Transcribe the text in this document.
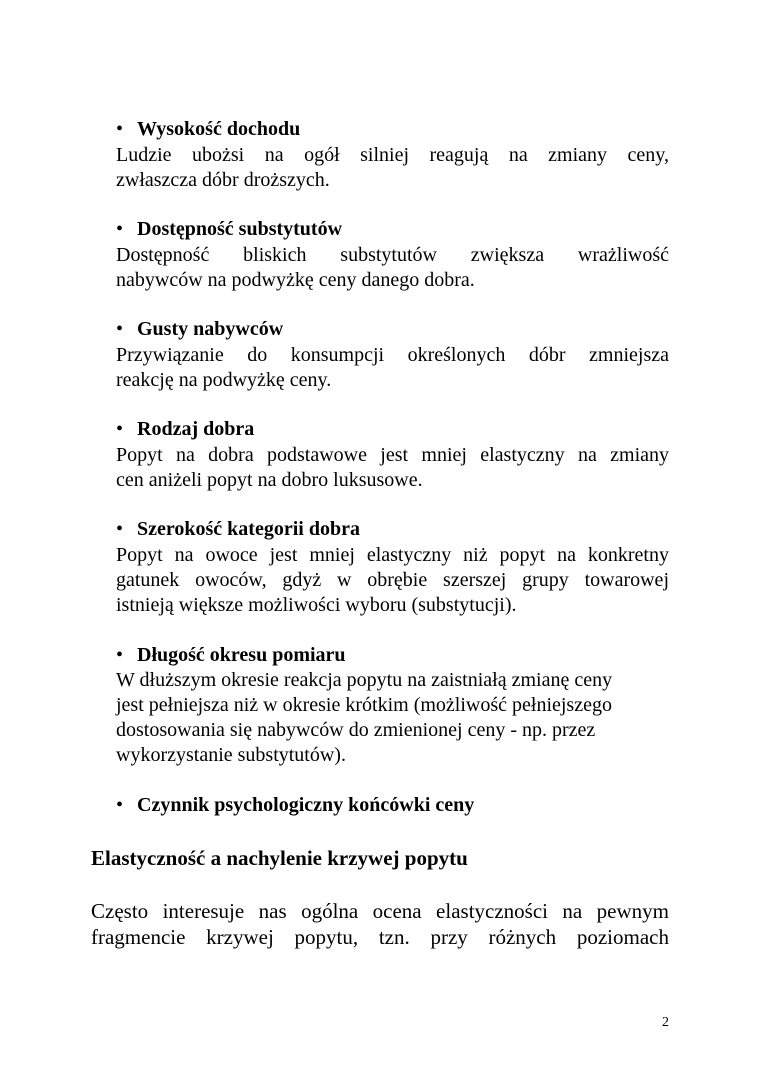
• Wysokość dochodu
Ludzie ubożsi na ogół silniej reagują na zmiany ceny,
zwłaszcza dóbr droższych.
• Dostępność substytutów
Dostępność bliskich substytutów zwiększa wrażliwość
nabywców na podwyżkę ceny danego dobra.
• Gusty nabywców
Przywiązanie do konsumpcji określonych dóbr zmniejsza
reakcję na podwyżkę ceny.
• Rodzaj dobra
Popyt na dobra podstawowe jest mniej elastyczny na zmiany
cen aniżeli popyt na dobro luksusowe.
• Szerokość kategorii dobra
Popyt na owoce jest mniej elastyczny niż popyt na konkretny
gatunek owoców, gdyż w obrębie szerszej grupy towarowej
istnieją większe możliwości wyboru (substytucji).
• Długość okresu pomiaru
W dłuższym okresie reakcja popytu na zaistniałą zmianę ceny
jest pełniejsza niż w okresie krótkim (możliwość pełniejszego
dostosowania się nabywców do zmienionej ceny - np. przez
wykorzystanie substytutów).
• Czynnik psychologiczny końcówki ceny
Elastyczność a nachylenie krzywej popytu
Często interesuje nas ogólna ocena elastyczności na pewnym
fragmencie krzywej popytu, tzn. przy różnych poziomach
2
